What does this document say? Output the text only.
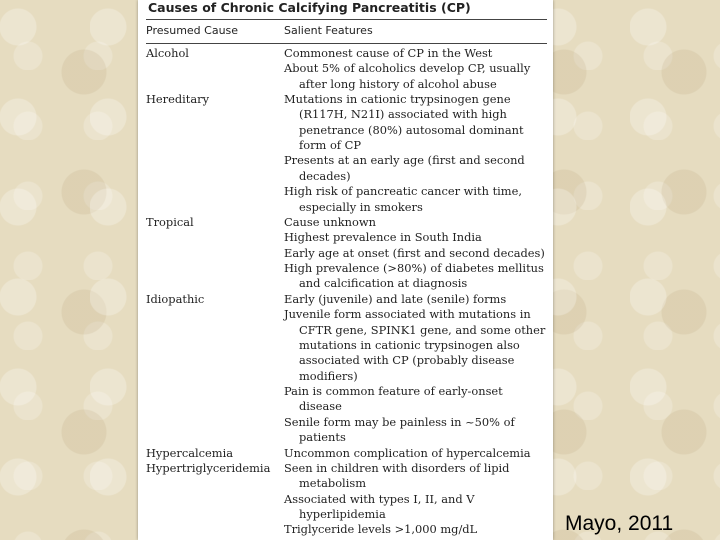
Causes of Chronic Calcifying Pancreatitis (CP)
Presumed Cause	Salient Features
Alcohol
Hereditary
Tropical
Idiopathic
Hypercalcemia
Hypertriglyceridemia
Commonest cause of CP in the West
About 5% of alcoholics develop CP, usually
after long history of alcohol abuse
Mutations in cationic trypsinogen gene
(R117H, N21I) associated with high
penetrance (80%) autosomal dominant
form of CP
Presents at an early age (first and second
decades)
High risk of pancreatic cancer with time,
especially in smokers
Cause unknown
Highest prevalence in South India
Early age at onset (first and second decades)
High prevalence (>80%) of diabetes mellitus
and calcification at diagnosis
Early (juvenile) and late (senile) forms
Juvenile form associated with mutations in
CFTR gene, SPINK1 gene, and some other
mutations in cationic trypsinogen also
associated with CP (probably disease
modifiers)
Pain is common feature of early-onset
disease
Senile form may be painless in ~50% of
patients
Uncommon complication of hypercalcemia
Seen in children with disorders of lipid
metabolism
Associated with types I, II, and V
hyperlipidemia
Triglyceride levels >1,000 mg/dL	Mayo, 2011
